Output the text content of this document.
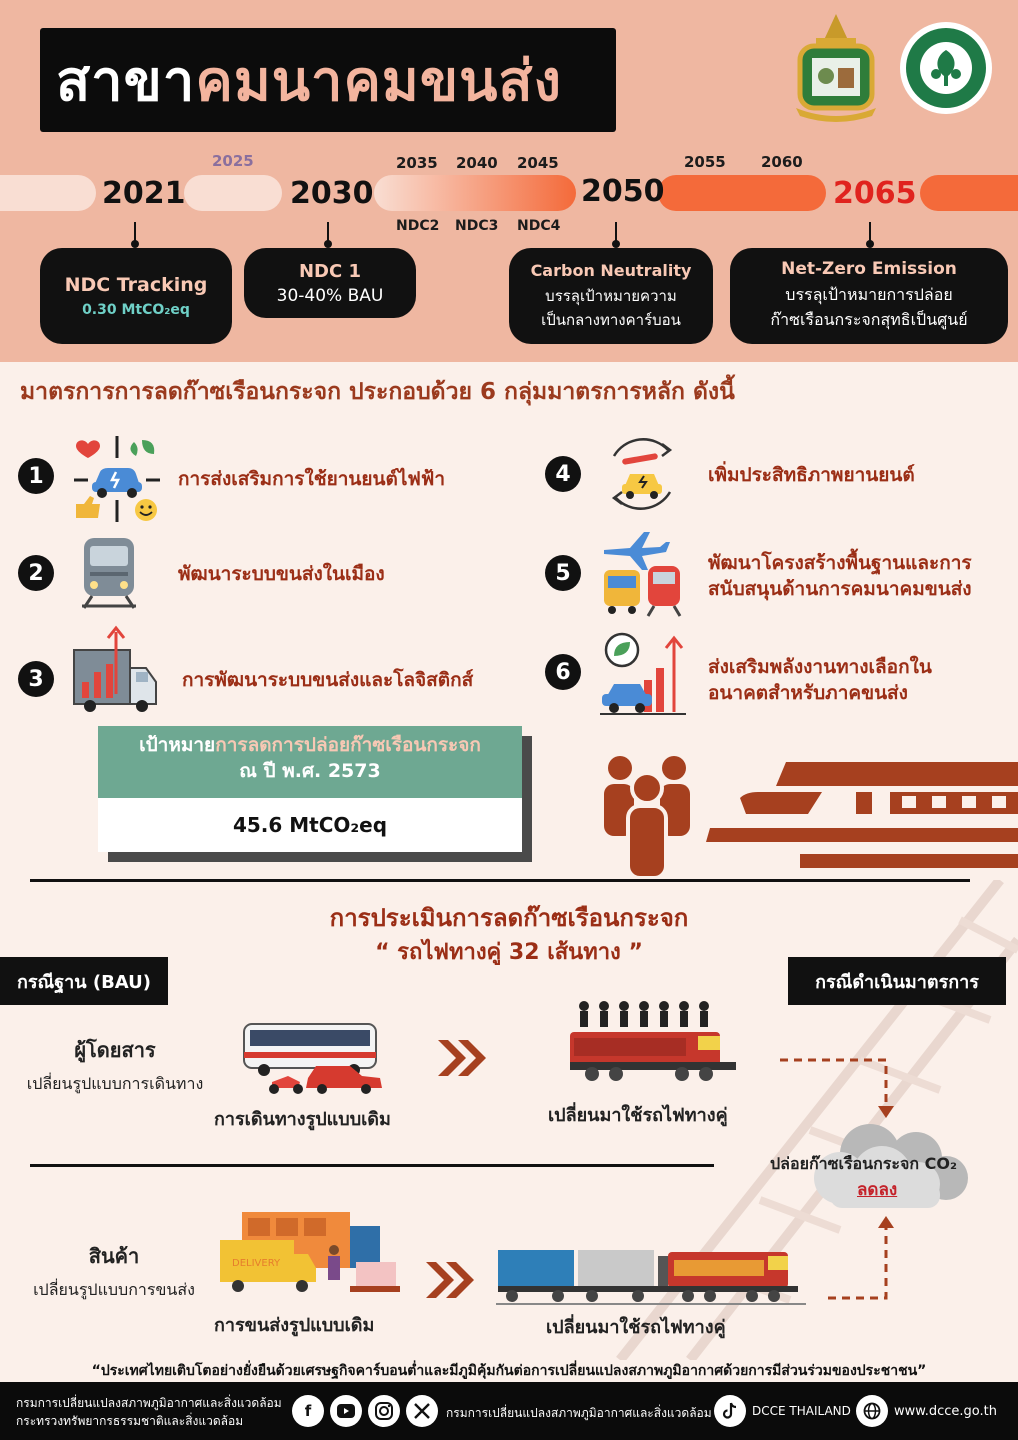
สาขา คมนาคมขนส่ง
2021
2025
2030
2035 2040 2045
2050
2055 2060
2065
NDC2 NDC3 NDC4
NDC Tracking
0.30 MtCO₂eq
NDC 1
30-40% BAU
Carbon Neutrality
บรรลุเป้าหมายความ
เป็นกลางทางคาร์บอน
Net-Zero Emission
บรรลุเป้าหมายการปล่อย
ก๊าซเรือนกระจกสุทธิเป็นศูนย์
มาตรการการลดก๊าซเรือนกระจก ประกอบด้วย 6 กลุ่มมาตรการหลัก ดังนี้
1	การส่งเสริมการใช้ยานยนต์ไฟฟ้า
2	พัฒนาระบบขนส่งในเมือง
3	การพัฒนาระบบขนส่งและโลจิสติกส์
4	เพิ่มประสิทธิภาพยานยนต์
5	พัฒนาโครงสร้างพื้นฐานและการ
สนับสนุนด้านการคมนาคมขนส่ง
6	ส่งเสริมพลังงานทางเลือกใน
อนาคตสำหรับภาคขนส่ง
เป้าหมายการลดการปล่อยก๊าซเรือนกระจก
ณ ปี พ.ศ. 2573
45.6 MtCO₂eq
การประเมินการลดก๊าซเรือนกระจก
“ รถไฟทางคู่ 32 เส้นทาง ”
กรณีฐาน (BAU)	กรณีดำเนินมาตรการ
ผู้โดยสาร
เปลี่ยนรูปแบบการเดินทาง
การเดินทางรูปแบบเดิม	เปลี่ยนมาใช้รถไฟทางคู่
ปล่อยก๊าซเรือนกระจก CO₂
ลดลง
สินค้า
เปลี่ยนรูปแบบการขนส่ง
DELIVERY
การขนส่งรูปแบบเดิม	เปลี่ยนมาใช้รถไฟทางคู่
“ประเทศไทยเติบโตอย่างยั่งยืนด้วยเศรษฐกิจคาร์บอนต่ำและมีภูมิคุ้มกันต่อการเปลี่ยนแปลงสภาพภูมิอากาศด้วยการมีส่วนร่วมของประชาชน”
กรมการเปลี่ยนแปลงสภาพภูมิอากาศและสิ่งแวดล้อม
กระทรวงทรัพยากรธรรมชาติและสิ่งแวดล้อม
f	กรมการเปลี่ยนแปลงสภาพภูมิอากาศและสิ่งแวดล้อม	DCCE THAILAND	www.dcce.go.th
